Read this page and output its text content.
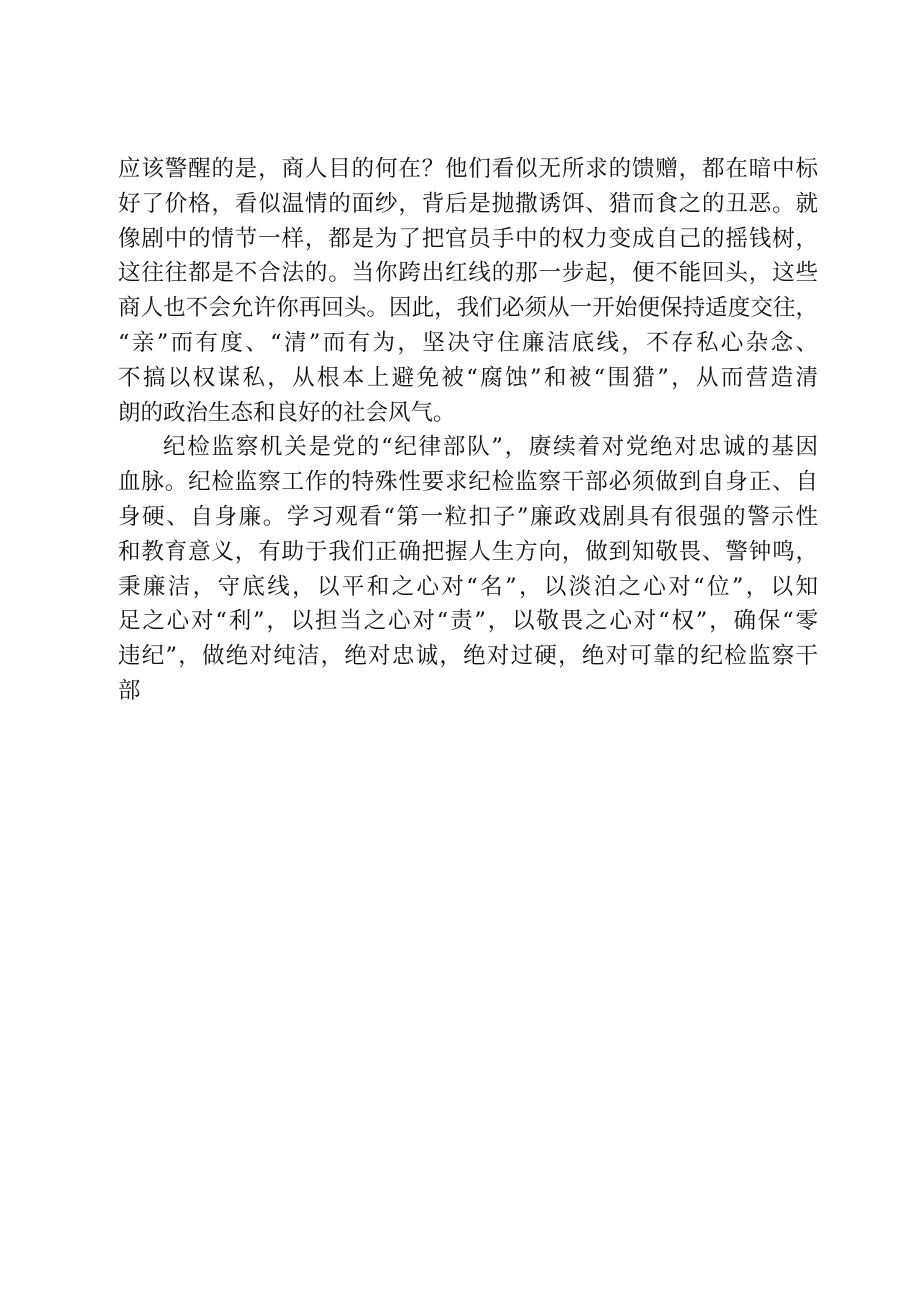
应该警醒的是，商人目的何在？他们看似无所求的馈赠，都在暗中标
好了价格，看似温情的面纱，背后是抛撒诱饵、猎而食之的丑恶。就
像剧中的情节一样，都是为了把官员手中的权力变成自己的摇钱树，
这往往都是不合法的。当你跨出红线的那一步起，便不能回头，这些
商人也不会允许你再回头。因此，我们必须从一开始便保持适度交往，
“亲”而有度、“清”而有为，坚决守住廉洁底线，不存私心杂念、
不搞以权谋私，从根本上避免被“腐蚀”和被“围猎”，从而营造清
朗的政治生态和良好的社会风气。
纪检监察机关是党的“纪律部队”，赓续着对党绝对忠诚的基因
血脉。纪检监察工作的特殊性要求纪检监察干部必须做到自身正、自
身硬、自身廉。学习观看“第一粒扣子”廉政戏剧具有很强的警示性
和教育意义，有助于我们正确把握人生方向，做到知敬畏、警钟鸣，
秉廉洁，守底线，以平和之心对“名”，以淡泊之心对“位”，以知
足之心对“利”，以担当之心对“责”，以敬畏之心对“权”，确保“零
违纪”，做绝对纯洁，绝对忠诚，绝对过硬，绝对可靠的纪检监察干
部
